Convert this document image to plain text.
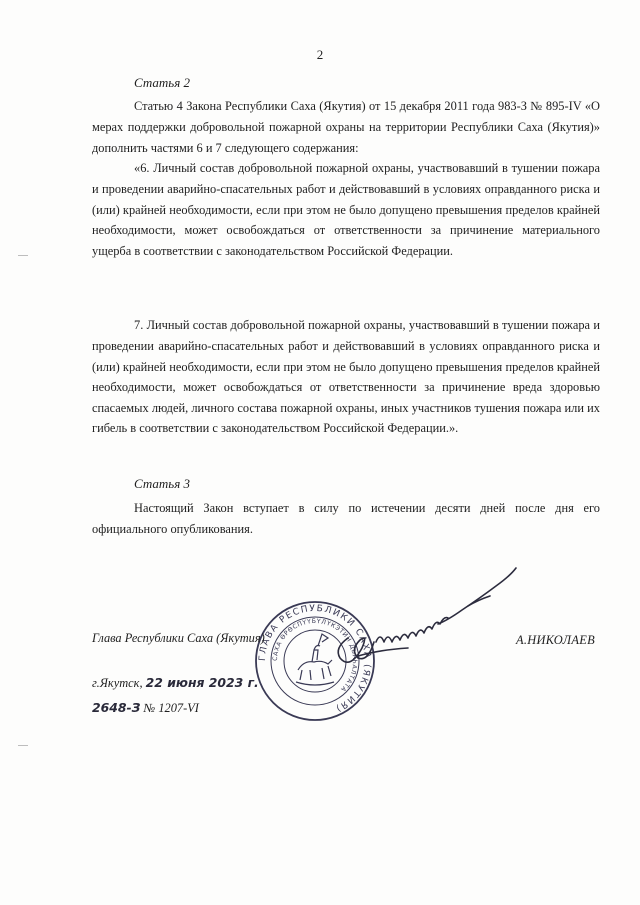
2
Статья 2

Статью 4 Закона Республики Саха (Якутия) от 15 декабря 2011 года 983-З № 895-IV «О мерах поддержки добровольной пожарной охраны на территории Республики Саха (Якутия)» дополнить частями 6 и 7 следующего содержания:

«6. Личный состав добровольной пожарной охраны, участвовавший в тушении пожара и проведении аварийно-спасательных работ и действовавший в условиях оправданного риска и (или) крайней необходимости, если при этом не было допущено превышения пределов крайней необходимости, может освобождаться от ответственности за причинение материального ущерба в соответствии с законодательством Российской Федерации.

7. Личный состав добровольной пожарной охраны, участвовавший в тушении пожара и проведении аварийно-спасательных работ и действовавший в условиях оправданного риска и (или) крайней необходимости, если при этом не было допущено превышения пределов крайней необходимости, может освобождаться от ответственности за причинение вреда здоровью спасаемых людей, личного состава пожарной охраны, иных участников тушения пожара или их гибель в соответствии с законодательством Российской Федерации.».

Статья 3

Настоящий Закон вступает в силу по истечении десяти дней после дня его официального опубликования.

ГЛАВА РЕСПУБЛИКИ САХА (ЯКУТИЯ)
САХА ӨРӨСПҮҮБҮЛҮКЭТИН ДЬАҺАЛТАТА
Глава Республики Саха (Якутия)	А.НИКОЛАЕВ
г.Якутск, 22 июня 2023 г.
2648-З № 1207-VI
